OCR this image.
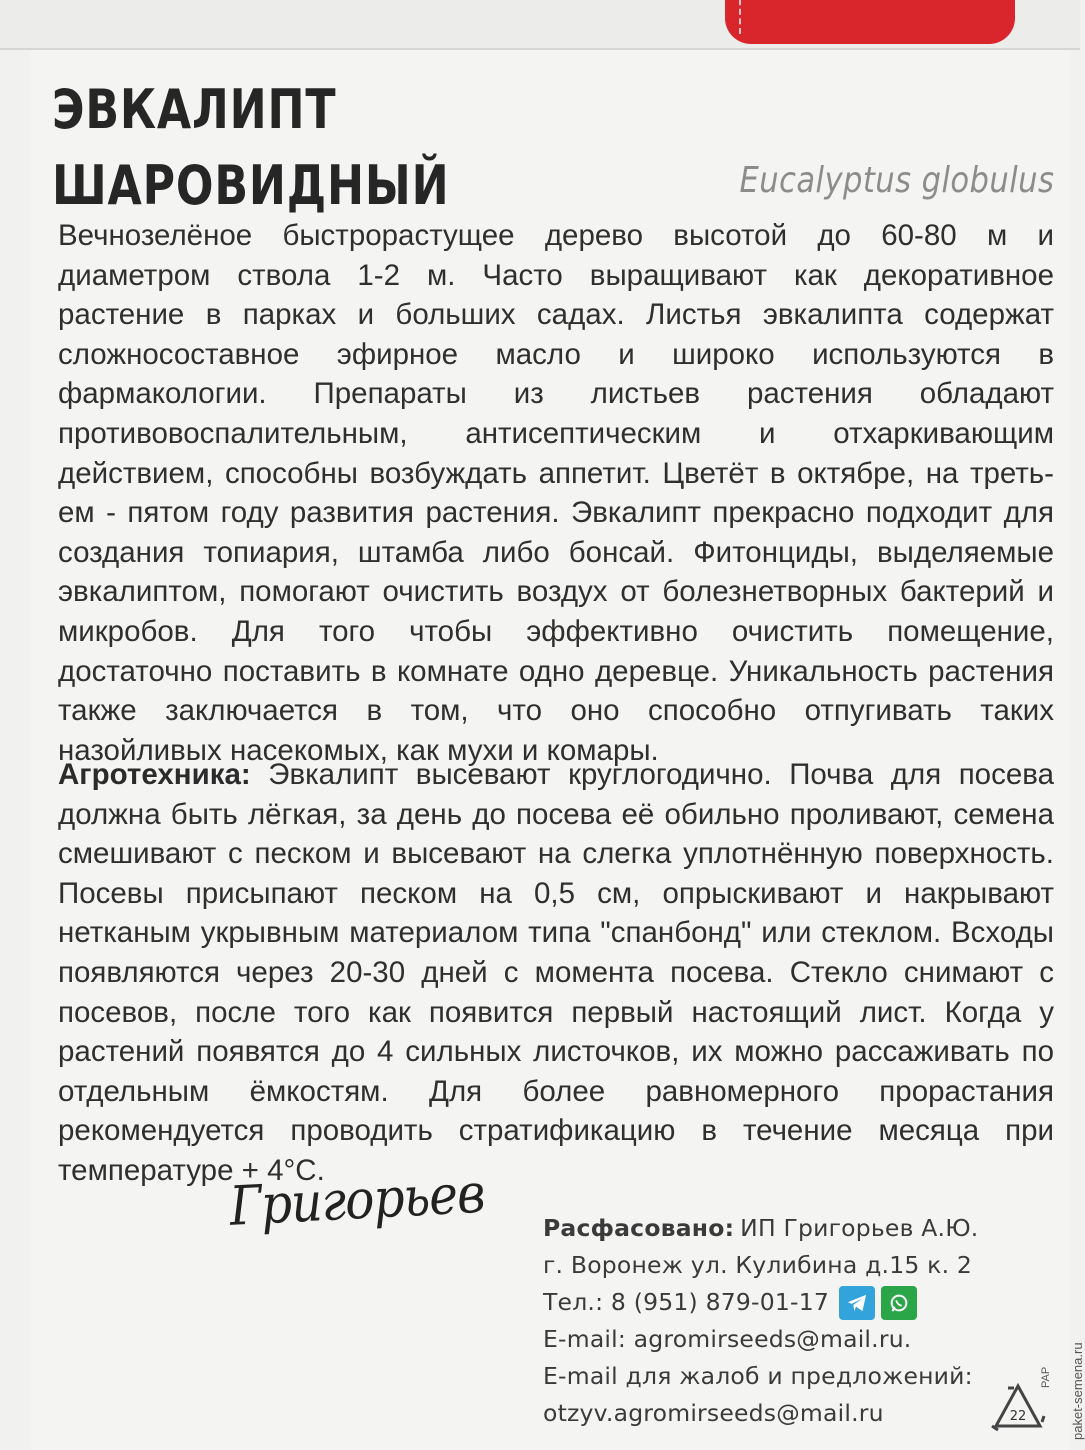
ЭВКАЛИПТ
ШАРОВИДНЫЙ	Eucalyptus globulus

Вечнозелёное быстрорастущее дерево высотой до 60-80 м и диаметром ствола 1-2 м. Часто выращивают как декоративное растение в парках и больших садах. Листья эвкалипта содержат сложносоставное эфирное масло и широко используются в фармакологии. Препараты из листьев растения обладают противовоспалительным, антисептическим и отхаркивающим действием, способны возбуждать аппетит. Цветёт в октябре, на третьем - пятом году развития растения. Эвкалипт прекрасно подходит для создания топиария, штамба либо бонсай. Фитонциды, выделяемые эвкалиптом, помогают очистить воздух от болезнетворных бактерий и микробов. Для того чтобы эффективно очистить помещение, достаточно поставить в комнате одно деревце. Уникальность растения также заключается в том, что оно способно отпугивать таких назойливых насекомых, как мухи и комары.

Агротехника: Эвкалипт высевают круглогодично. Почва для посева должна быть лёгкая, за день до посева её обильно проливают, семена смешивают с песком и высевают на слегка уплотнённую поверхность. Посевы присыпают песком на 0,5 см, опрыскивают и накрывают нетканым укрывным материалом типа "спанбонд" или стеклом. Всходы появляются через 20-30 дней с момента посева. Стекло снимают с посевов, после того как появится первый настоящий лист. Когда у растений появятся до 4 сильных листочков, их можно рассаживать по отдельным ёмкостям. Для более равномерного прорастания рекомендуется проводить стратификацию в течение месяца при температуре + 4°С.

Григорьев Расфасовано: ИП Григорьев А.Ю.
г. Воронеж ул. Кулибина д.15 к. 2
Тел.: 8 (951) 879-01-17
E-mail: agromirseeds@mail.ru.
E-mail для жалоб и предложений:
otzyv.agromirseeds@mail.ru	22
PAP paket-semena.ru
